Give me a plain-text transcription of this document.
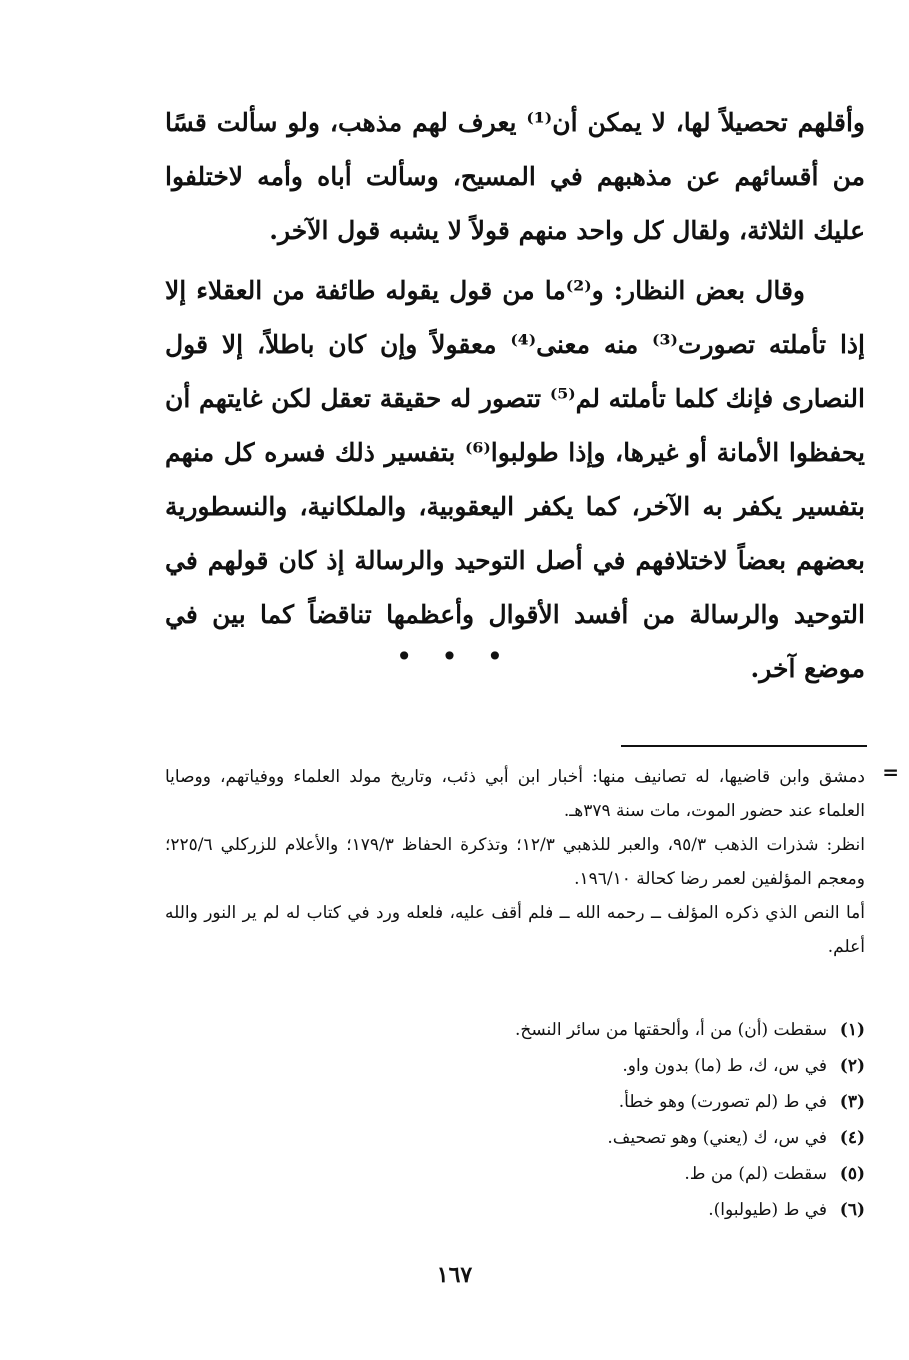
وأقلهم تحصيلاً لها، لا يمكن أن⁽¹⁾ يعرف لهم مذهب، ولو سألت قسًا من أقسائهم عن مذهبهم في المسيح، وسألت أباه وأمه لاختلفوا عليك الثلاثة، ولقال كل واحد منهم قولاً لا يشبه قول الآخر.

وقال بعض النظار: و⁽²⁾ما من قول يقوله طائفة من العقلاء إلا إذا تأملته تصورت⁽³⁾ منه معنى⁽⁴⁾ معقولاً وإن كان باطلاً، إلا قول النصارى فإنك كلما تأملته لم⁽⁵⁾ تتصور له حقيقة تعقل لكن غايتهم أن يحفظوا الأمانة أو غيرها، وإذا طولبوا⁽⁶⁾ بتفسير ذلك فسره كل منهم بتفسير يكفر به الآخر، كما يكفر اليعقوبية، والملكانية، والنسطورية بعضهم بعضاً لاختلافهم في أصل التوحيد والرسالة إذ كان قولهم في التوحيد والرسالة من أفسد الأقوال وأعظمها تناقضاً كما بين في موضع آخر.

• • •
=

دمشق وابن قاضيها، له تصانيف منها: أخبار ابن أبي ذئب، وتاريخ مولد العلماء ووفياتهم، ووصايا العلماء عند حضور الموت، مات سنة ٣٧٩هـ.

انظر: شذرات الذهب ٩٥/٣، والعبر للذهبي ١٢/٣؛ وتذكرة الحفاظ ١٧٩/٣؛ والأعلام للزركلي ٢٢٥/٦؛ ومعجم المؤلفين لعمر رضا كحالة ١٩٦/١٠.

أما النص الذي ذكره المؤلف ــ رحمه الله ــ فلم أقف عليه، فلعله ورد في كتاب له لم ير النور والله أعلم.

(١)سقطت (أن) من أ، وألحقتها من سائر النسخ.
(٢)في س، ك، ط (ما) بدون واو.
(٣)في ط (لم تصورت) وهو خطأ.
(٤)في س، ك (يعني) وهو تصحيف.
(٥)سقطت (لم) من ط.
(٦)في ط (طيولبوا).
١٦٧
